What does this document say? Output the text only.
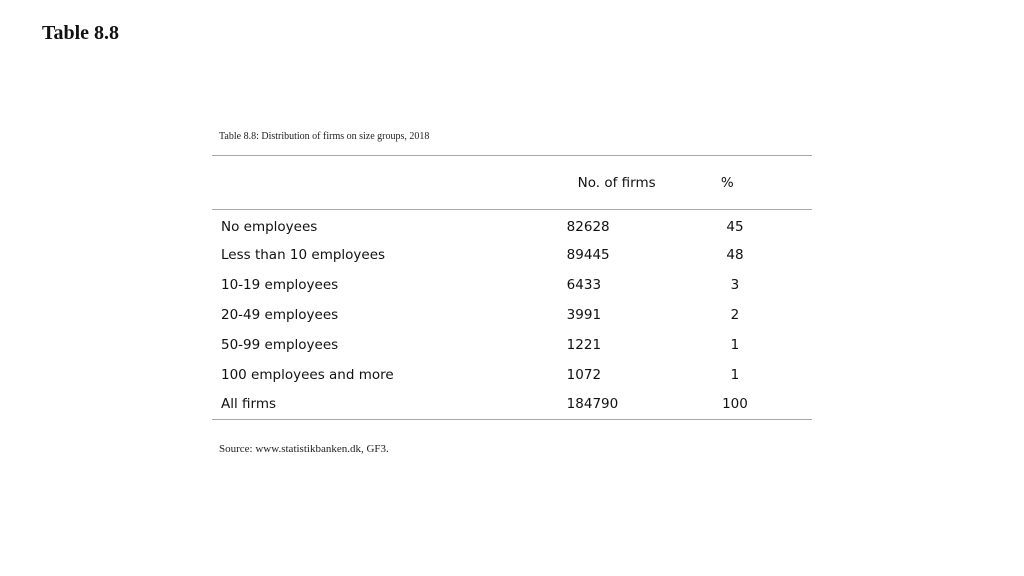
Table 8.8
Table 8.8: Distribution of firms on size groups, 2018
	No. of firms	%
No employees	82628	45
Less than 10 employees	89445	48
10-19 employees	6433	3
20-49 employees	3991	2
50-99 employees	1221	1
100 employees and more	1072	1
All firms	184790	100
Source: www.statistikbanken.dk, GF3.
